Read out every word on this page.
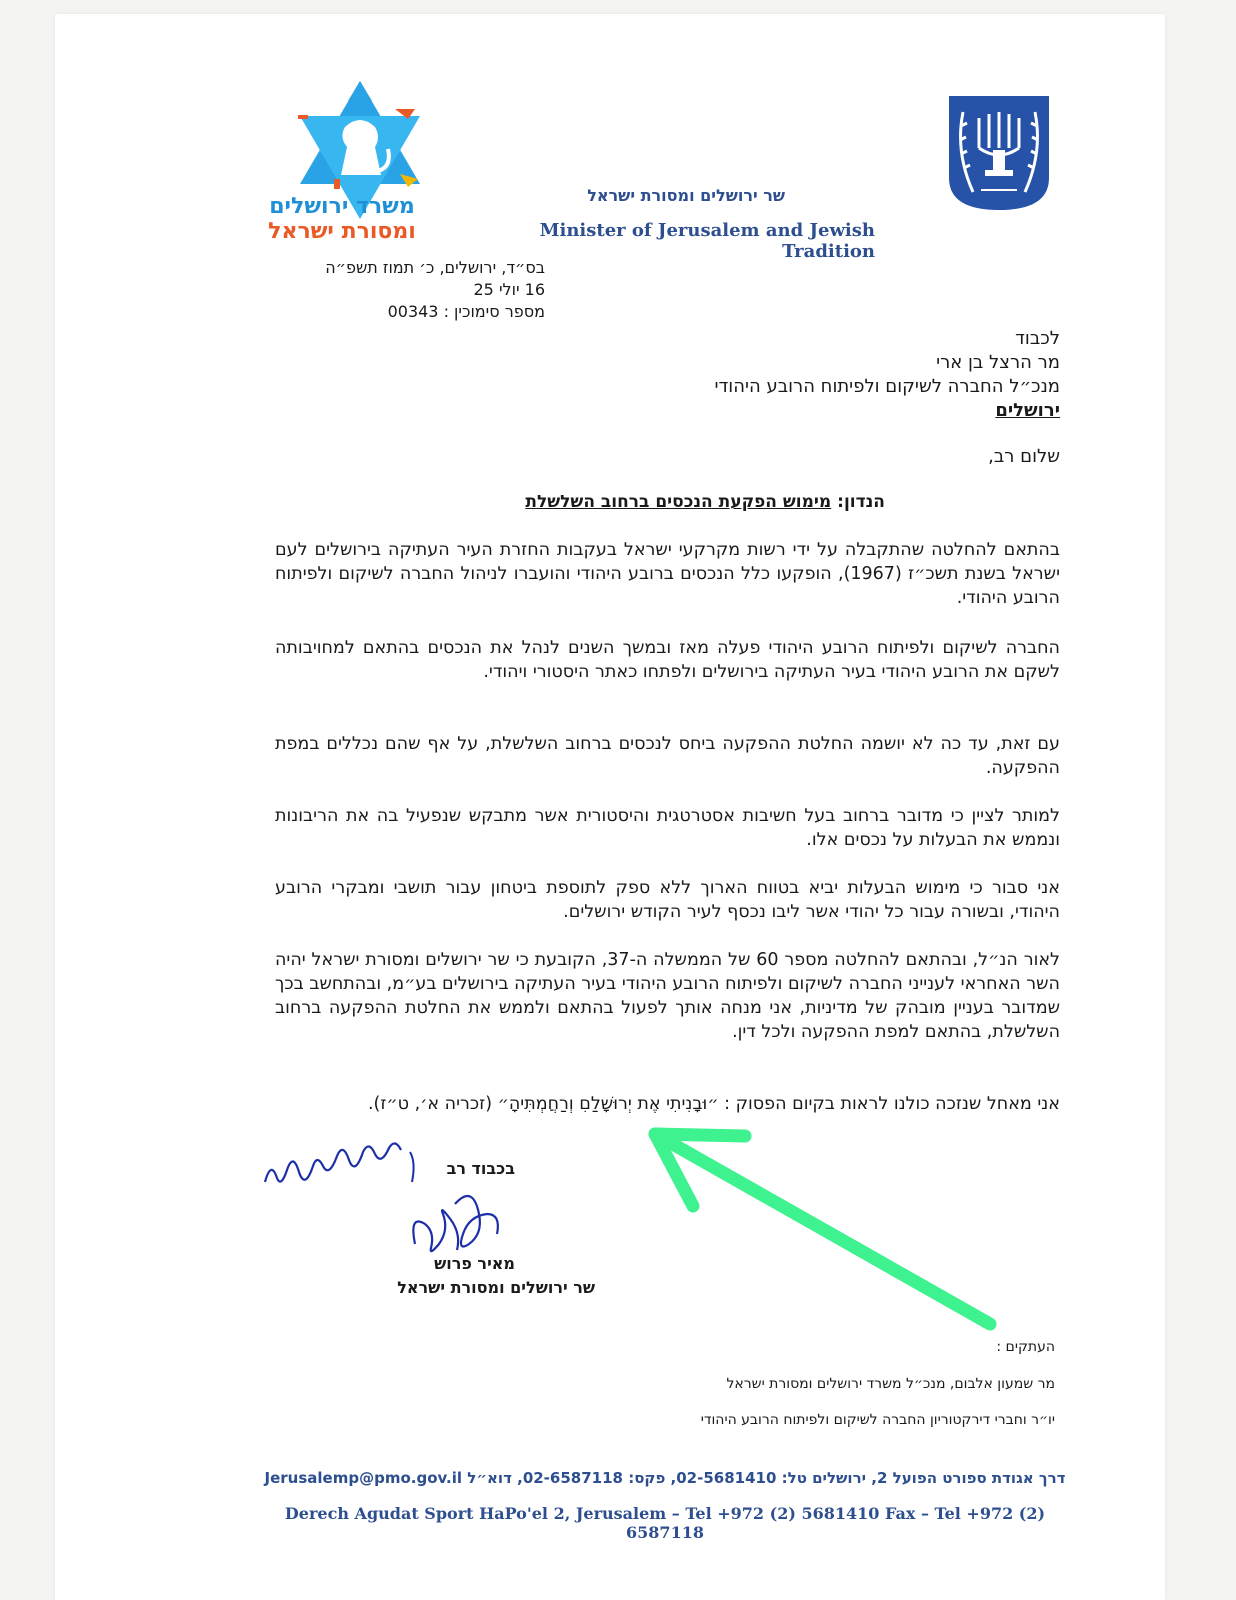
משרד ירושלים
ומסורת ישראל
שר ירושלים ומסורת ישראל
Minister of Jerusalem and Jewish Tradition
בס״ד, ירושלים, כ׳ תמוז תשפ״ה
16 יולי 25
מספר סימוכין : 00343
לכבוד
מר הרצל בן ארי
מנכ״ל החברה לשיקום ולפיתוח הרובע היהודי
ירושלים
שלום רב,
הנדון: מימוש הפקעת הנכסים ברחוב השלשלת
בהתאם להחלטה שהתקבלה על ידי רשות מקרקעי ישראל בעקבות החזרת העיר העתיקה בירושלים לעם ישראל בשנת תשכ״ז (1967), הופקעו כלל הנכסים ברובע היהודי והועברו לניהול החברה לשיקום ולפיתוח הרובע היהודי.
החברה לשיקום ולפיתוח הרובע היהודי פעלה מאז ובמשך השנים לנהל את הנכסים בהתאם למחויבותה לשקם את הרובע היהודי בעיר העתיקה בירושלים ולפתחו כאתר היסטורי ויהודי.
עם זאת, עד כה לא יושמה החלטת ההפקעה ביחס לנכסים ברחוב השלשלת, על אף שהם נכללים במפת ההפקעה.
למותר לציין כי מדובר ברחוב בעל חשיבות אסטרטגית והיסטורית אשר מתבקש שנפעיל בה את הריבונות ונממש את הבעלות על נכסים אלו.
אני סבור כי מימוש הבעלות יביא בטווח הארוך ללא ספק לתוספת ביטחון עבור תושבי ומבקרי הרובע היהודי, ובשורה עבור כל יהודי אשר ליבו נכסף לעיר הקודש ירושלים.
לאור הנ״ל, ובהתאם להחלטה מספר 60 של הממשלה ה-37, הקובעת כי שר ירושלים ומסורת ישראל יהיה השר האחראי לענייני החברה לשיקום ולפיתוח הרובע היהודי בעיר העתיקה בירושלים בע״מ, ובהתחשב בכך שמדובר בעניין מובהק של מדיניות, אני מנחה אותך לפעול בהתאם ולממש את החלטת ההפקעה ברחוב השלשלת, בהתאם למפת ההפקעה ולכל דין.
אני מאחל שנזכה כולנו לראות בקיום הפסוק : ״וּבָנִיתִי אֶת יְרוּשָׁלַםִ וְרַחֲמְתִּיהָ״ (זכריה א׳, ט״ז).
בכבוד רב
מאיר פרוש
שר ירושלים ומסורת ישראל
העתקים :
מר שמעון אלבום, מנכ״ל משרד ירושלים ומסורת ישראל
יו״ר וחברי דירקטוריון החברה לשיקום ולפיתוח הרובע היהודי
דרך אגודת ספורט הפועל 2, ירושלים טל: 02-5681410, פקס: 02-6587118, דוא״ל Jerusalemp@pmo.gov.il
Derech Agudat Sport HaPo'el 2, Jerusalem – Tel +972 (2) 5681410 Fax – Tel +972 (2) 6587118
